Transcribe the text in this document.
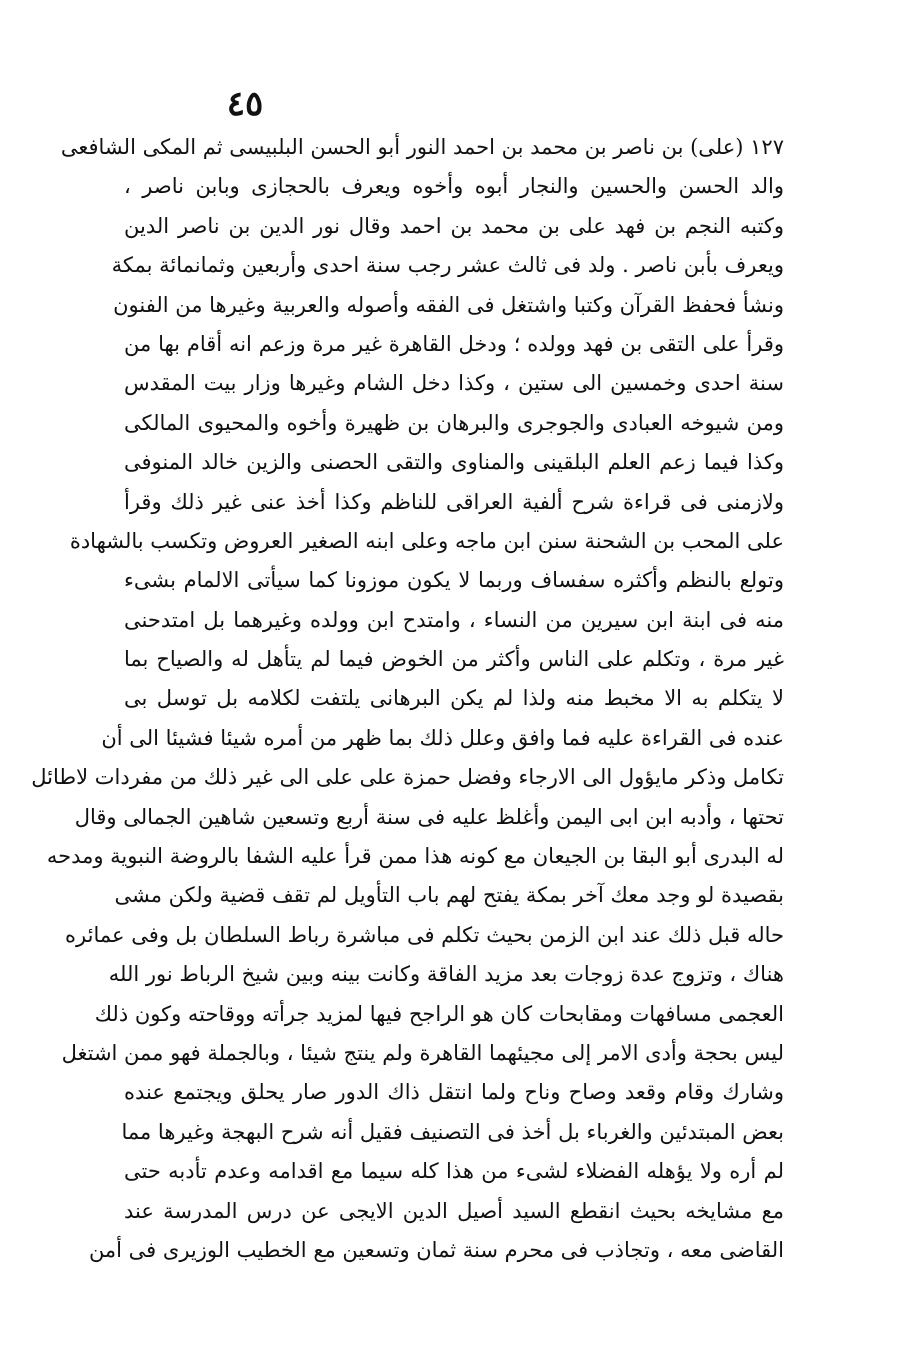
٤٥
١٢٧ (على) بن ناصر بن محمد بن احمد النور أبو الحسن البلبيسى ثم المكى الشافعى
والد الحسن والحسين والنجار أبوه وأخوه ويعرف بالحجازى وبابن ناصر ،
وكتبه النجم بن فهد على بن محمد بن احمد وقال نور الدين بن ناصر الدين
ويعرف بأبن ناصر . ولد فى ثالث عشر رجب سنة احدى وأربعين وثمانمائة بمكة
ونشأ فحفظ القرآن وكتبا واشتغل فى الفقه وأصوله والعربية وغيرها من الفنون
وقرأ على التقى بن فهد وولده ؛ ودخل القاهرة غير مرة وزعم انه أقام بها من
سنة احدى وخمسين الى ستين ، وكذا دخل الشام وغيرها وزار بيت المقدس
ومن شيوخه العبادى والجوجرى والبرهان بن ظهيرة وأخوه والمحيوى المالكى
وكذا فيما زعم العلم البلقينى والمناوى والتقى الحصنى والزين خالد المنوفى
ولازمنى فى قراءة شرح ألفية العراقى للناظم وكذا أخذ عنى غير ذلك وقرأ
على المحب بن الشحنة سنن ابن ماجه وعلى ابنه الصغير العروض وتكسب بالشهادة
وتولع بالنظم وأكثره سفساف وربما لا يكون موزونا كما سيأتى الالمام بشىء
منه فى ابنة ابن سيرين من النساء ، وامتدح ابن وولده وغيرهما بل امتدحنى
غير مرة ، وتكلم على الناس وأكثر من الخوض فيما لم يتأهل له والصياح بما
لا يتكلم به الا مخبط منه ولذا لم يكن البرهانى يلتفت لكلامه بل توسل بى
عنده فى القراءة عليه فما وافق وعلل ذلك بما ظهر من أمره شيئا فشيئا الى أن
تكامل وذكر مايؤول الى الارجاء وفضل حمزة على على الى غير ذلك من مفردات لاطائل
تحتها ، وأدبه ابن ابى اليمن وأغلظ عليه فى سنة أربع وتسعين شاهين الجمالى وقال
له البدرى أبو البقا بن الجيعان مع كونه هذا ممن قرأ عليه الشفا بالروضة النبوية ومدحه
بقصيدة لو وجد معك آخر بمكة يفتح لهم باب التأويل لم تقف قضية ولكن مشى
حاله قبل ذلك عند ابن الزمن بحيث تكلم فى مباشرة رباط السلطان بل وفى عمائره
هناك ، وتزوج عدة زوجات بعد مزيد الفاقة وكانت بينه وبين شيخ الرباط نور الله
العجمى مسافهات ومقابحات كان هو الراجح فيها لمزيد جرأته ووقاحته وكون ذلك
ليس بحجة وأدى الامر إلى مجيئهما القاهرة ولم ينتج شيئا ، وبالجملة فهو ممن اشتغل
وشارك وقام وقعد وصاح وناح ولما انتقل ذاك الدور صار يحلق ويجتمع عنده
بعض المبتدئين والغرباء بل أخذ فى التصنيف فقيل أنه شرح البهجة وغيرها مما
لم أره ولا يؤهله الفضلاء لشىء من هذا كله سيما مع اقدامه وعدم تأدبه حتى
مع مشايخه بحيث انقطع السيد أصيل الدين الايجى عن درس المدرسة عند
القاضى معه ، وتجاذب فى محرم سنة ثمان وتسعين مع الخطيب الوزيرى فى أمن
